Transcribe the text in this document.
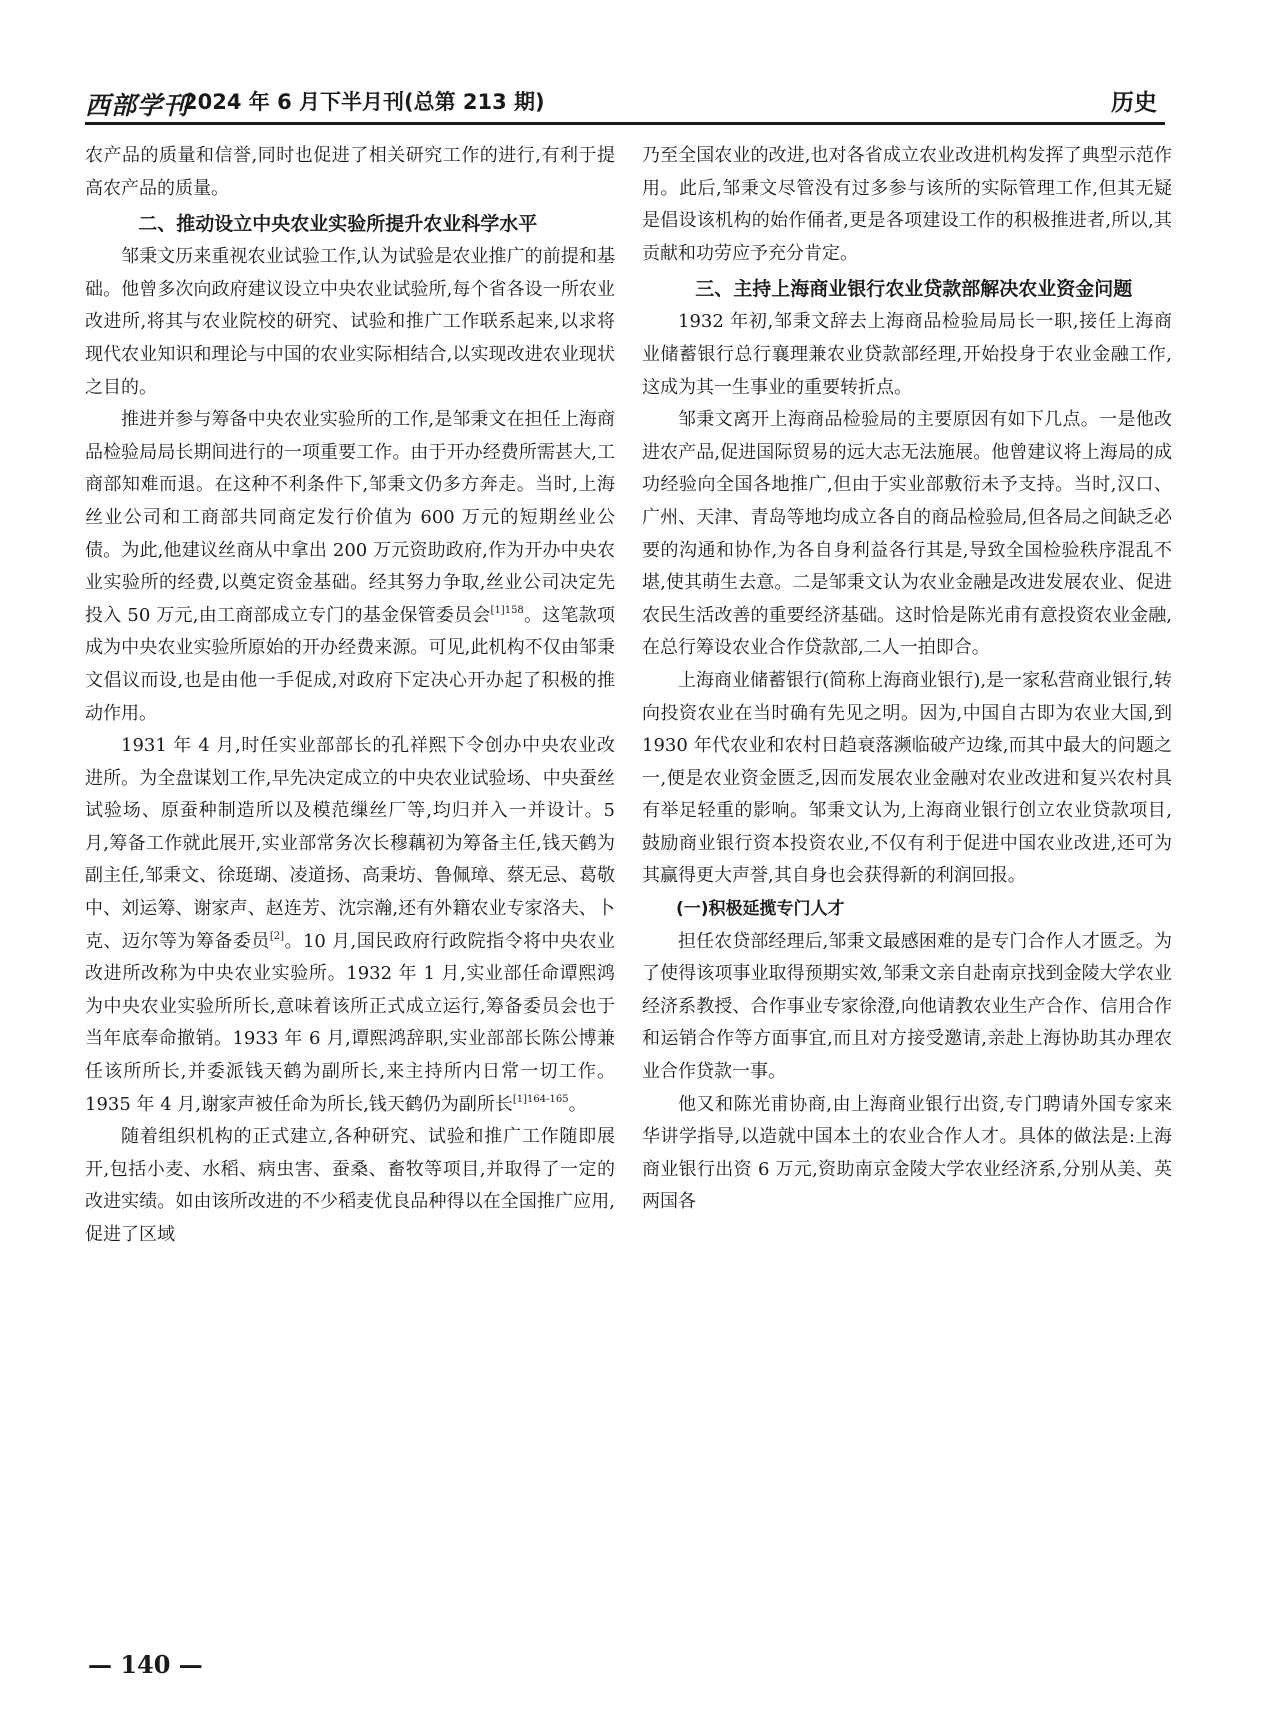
西部学刊
2024 年 6 月下半月刊(总第 213 期)	历史

农产品的质量和信誉,同时也促进了相关研究工作的进行,有利于提高农产品的质量。

二、推动设立中央农业实验所提升农业科学水平

邹秉文历来重视农业试验工作,认为试验是农业推广的前提和基础。他曾多次向政府建议设立中央农业试验所,每个省各设一所农业改进所,将其与农业院校的研究、试验和推广工作联系起来,以求将现代农业知识和理论与中国的农业实际相结合,以实现改进农业现状之目的。

推进并参与筹备中央农业实验所的工作,是邹秉文在担任上海商品检验局局长期间进行的一项重要工作。由于开办经费所需甚大,工商部知难而退。在这种不利条件下,邹秉文仍多方奔走。当时,上海丝业公司和工商部共同商定发行价值为 600 万元的短期丝业公债。为此,他建议丝商从中拿出 200 万元资助政府,作为开办中央农业实验所的经费,以奠定资金基础。经其努力争取,丝业公司决定先投入 50 万元,由工商部成立专门的基金保管委员会$^{[1]158}$。这笔款项成为中央农业实验所原始的开办经费来源。可见,此机构不仅由邹秉文倡议而设,也是由他一手促成,对政府下定决心开办起了积极的推动作用。

1931 年 4 月,时任实业部部长的孔祥熙下令创办中央农业改进所。为全盘谋划工作,早先决定成立的中央农业试验场、中央蚕丝试验场、原蚕种制造所以及模范缫丝厂等,均归并入一并设计。5 月,筹备工作就此展开,实业部常务次长穆藕初为筹备主任,钱天鹤为副主任,邹秉文、徐珽瑚、凌道扬、高秉坊、鲁佩璋、蔡无忌、葛敬中、刘运筹、谢家声、赵连芳、沈宗瀚,还有外籍农业专家洛夫、卜克、迈尔等为筹备委员[2]。10 月,国民政府行政院指令将中央农业改进所改称为中央农业实验所。1932 年 1 月,实业部任命谭熙鸿为中央农业实验所所长,意味着该所正式成立运行,筹备委员会也于当年底奉命撤销。1933 年 6 月,谭熙鸿辞职,实业部部长陈公博兼任该所所长,并委派钱天鹤为副所长,来主持所内日常一切工作。1935 年 4 月,谢家声被任命为所长,钱天鹤仍为副所长$^{[1]164-165}$。

随着组织机构的正式建立,各种研究、试验和推广工作随即展开,包括小麦、水稻、病虫害、蚕桑、畜牧等项目,并取得了一定的改进实绩。如由该所改进的不少稻麦优良品种得以在全国推广应用,促进了区域

乃至全国农业的改进,也对各省成立农业改进机构发挥了典型示范作用。此后,邹秉文尽管没有过多参与该所的实际管理工作,但其无疑是倡设该机构的始作俑者,更是各项建设工作的积极推进者,所以,其贡献和功劳应予充分肯定。

三、主持上海商业银行农业贷款部解决农业资金问题

1932 年初,邹秉文辞去上海商品检验局局长一职,接任上海商业储蓄银行总行襄理兼农业贷款部经理,开始投身于农业金融工作,这成为其一生事业的重要转折点。

邹秉文离开上海商品检验局的主要原因有如下几点。一是他改进农产品,促进国际贸易的远大志无法施展。他曾建议将上海局的成功经验向全国各地推广,但由于实业部敷衍未予支持。当时,汉口、广州、天津、青岛等地均成立各自的商品检验局,但各局之间缺乏必要的沟通和协作,为各自身利益各行其是,导致全国检验秩序混乱不堪,使其萌生去意。二是邹秉文认为农业金融是改进发展农业、促进农民生活改善的重要经济基础。这时恰是陈光甫有意投资农业金融,在总行筹设农业合作贷款部,二人一拍即合。

上海商业储蓄银行(简称上海商业银行),是一家私营商业银行,转向投资农业在当时确有先见之明。因为,中国自古即为农业大国,到 1930 年代农业和农村日趋衰落濒临破产边缘,而其中最大的问题之一,便是农业资金匮乏,因而发展农业金融对农业改进和复兴农村具有举足轻重的影响。邹秉文认为,上海商业银行创立农业贷款项目,鼓励商业银行资本投资农业,不仅有利于促进中国农业改进,还可为其赢得更大声誉,其自身也会获得新的利润回报。

(一)积极延揽专门人才

担任农贷部经理后,邹秉文最感困难的是专门合作人才匮乏。为了使得该项事业取得预期实效,邹秉文亲自赴南京找到金陵大学农业经济系教授、合作事业专家徐澄,向他请教农业生产合作、信用合作和运销合作等方面事宜,而且对方接受邀请,亲赴上海协助其办理农业合作贷款一事。

他又和陈光甫协商,由上海商业银行出资,专门聘请外国专家来华讲学指导,以造就中国本土的农业合作人才。具体的做法是:上海商业银行出资 6 万元,资助南京金陵大学农业经济系,分别从美、英两国各

— 140 —
